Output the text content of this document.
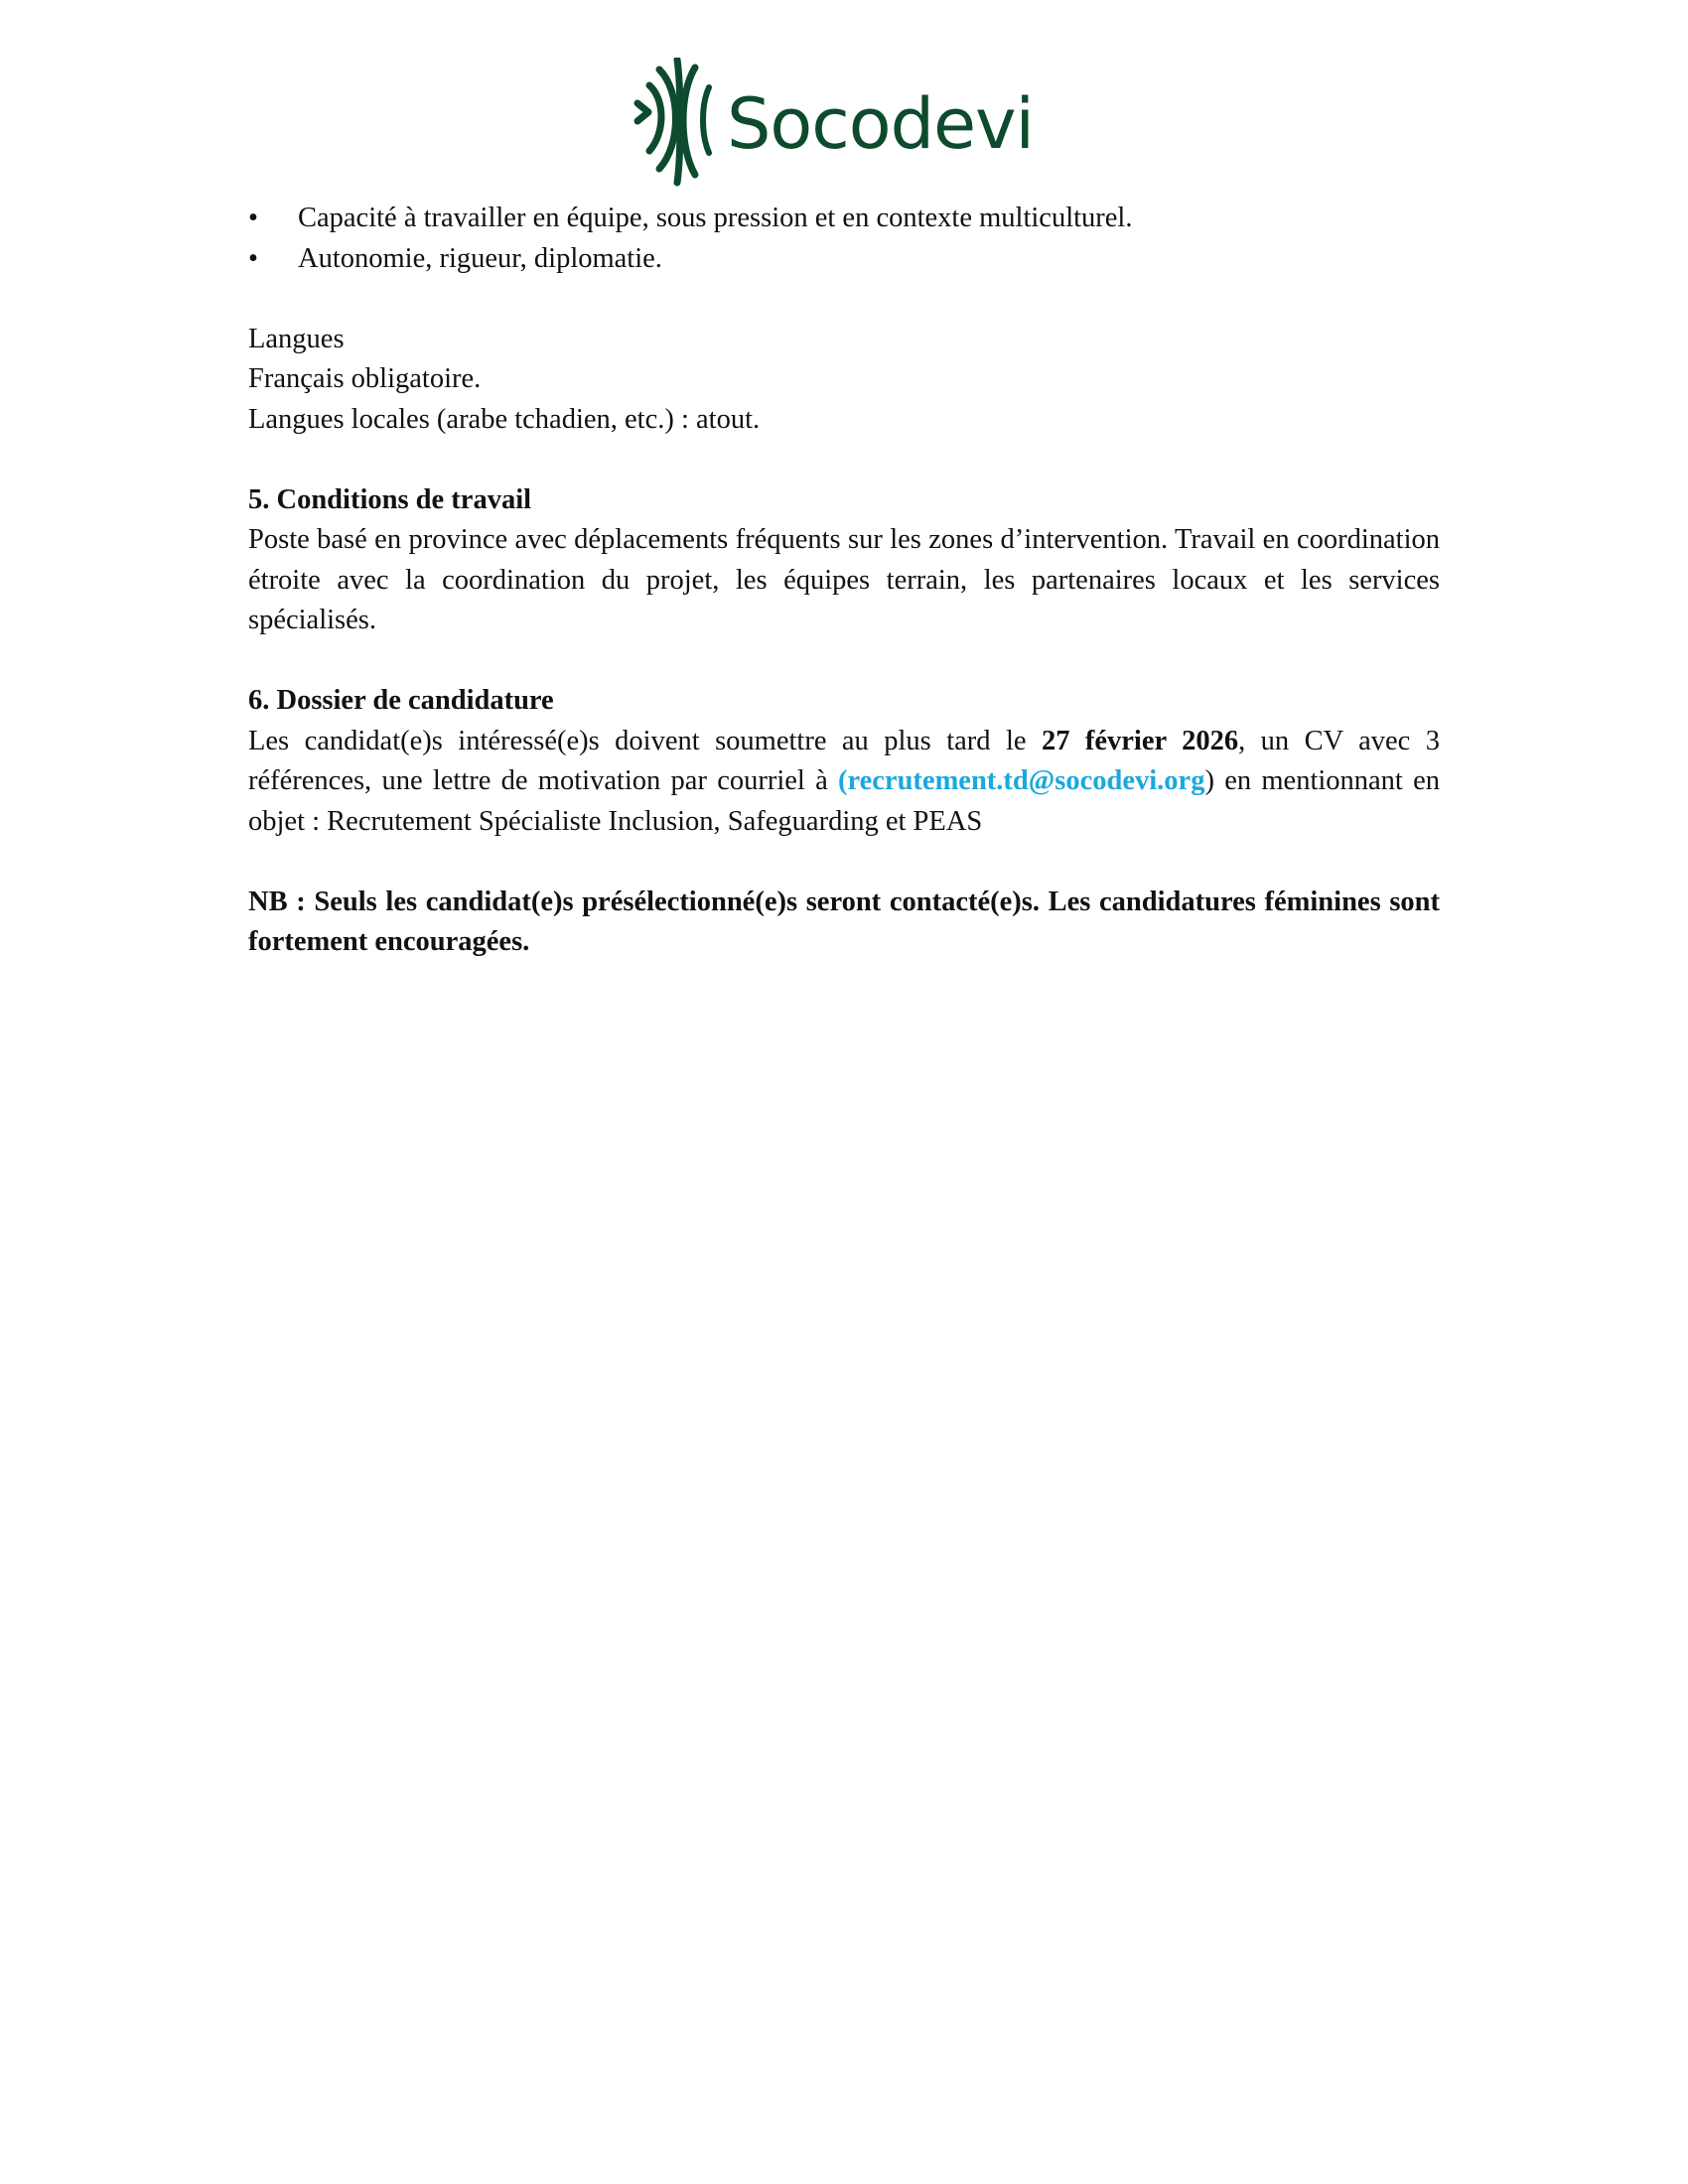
Socodevi
• Capacité à travailler en équipe, sous pression et en contexte multiculturel.
• Autonomie, rigueur, diplomatie.

Langues

Français obligatoire.

Langues locales (arabe tchadien, etc.) : atout.

5. Conditions de travail

Poste basé en province avec déplacements fréquents sur les zones d’intervention. Travail en coordination étroite avec la coordination du projet, les équipes terrain, les partenaires locaux et les services spécialisés.

6. Dossier de candidature

Les candidat(e)s intéressé(e)s doivent soumettre au plus tard le 27 février 2026, un CV avec 3 références, une lettre de motivation par courriel à (recrutement.td@socodevi.org) en mentionnant en objet : Recrutement Spécialiste Inclusion, Safeguarding et PEAS

NB : Seuls les candidat(e)s présélectionné(e)s seront contacté(e)s. Les candidatures féminines sont fortement encouragées.
